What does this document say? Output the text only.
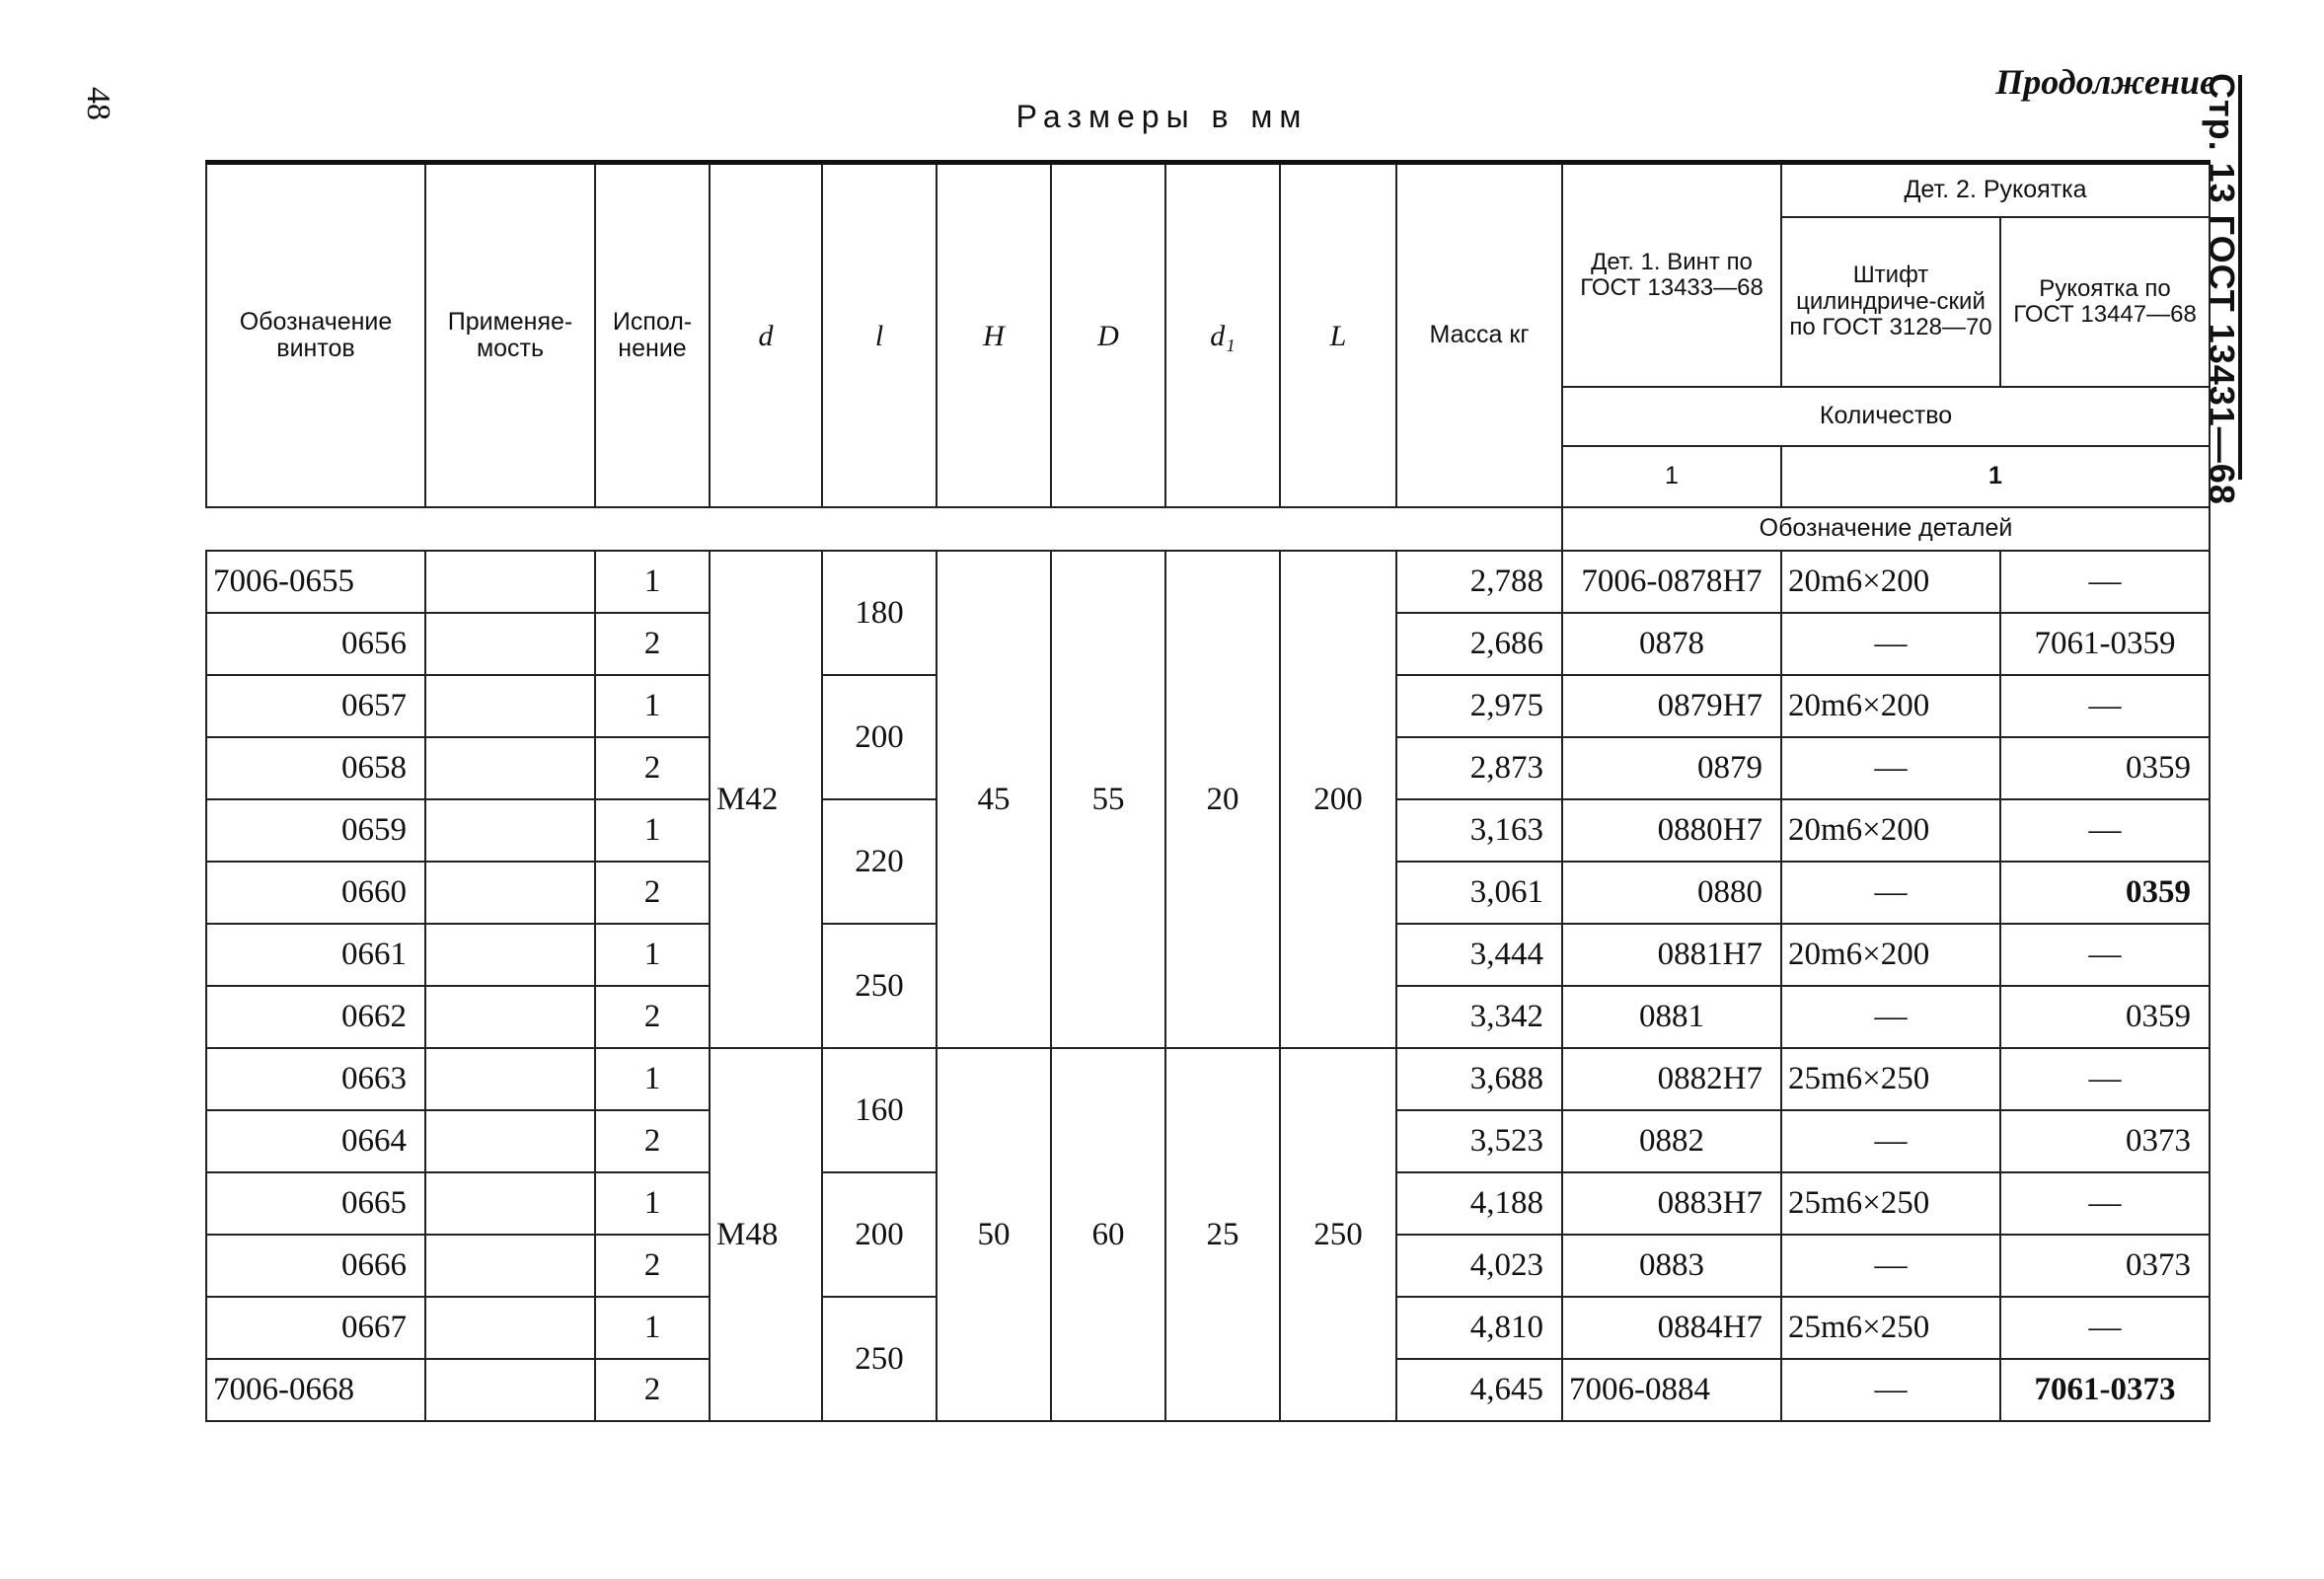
48	Стр. 13 ГОСТ 13431—68
Продолжение
Размеры в мм
Обозначение винтов	Применяе-мость	Испол-нение	d	l	H	D	d₁	L	Масса кг	Дет. 1. Винт по ГОСТ 13433—68	Дет. 2. Рукоятка	
											Штифт цилиндриче-ский по ГОСТ 3128—70	Рукоятка по ГОСТ 13447—68
										Количество		
										1	1	
										Обозначение деталей		
7006-0655		1	M42	180	45	55	20	200	2,788	7006-0878H7	20m6×200	—
0656		2							2,686	0878	—	7061-0359
0657		1		200					2,975	0879H7	20m6×200	—
0658		2							2,873	0879	—	0359
0659		1		220					3,163	0880H7	20m6×200	—
0660		2							3,061	0880	—	0359
0661		1		250					3,444	0881H7	20m6×200	—
0662		2							3,342	0881	—	0359
0663		1	M48	160	50	60	25	250	3,688	0882H7	25m6×250	—
0664		2							3,523	0882	—	0373
0665		1		200					4,188	0883H7	25m6×250	—
0666		2							4,023	0883	—	0373
0667		1		250					4,810	0884H7	25m6×250	—
7006-0668		2							4,645	7006-0884	—	7061-0373
